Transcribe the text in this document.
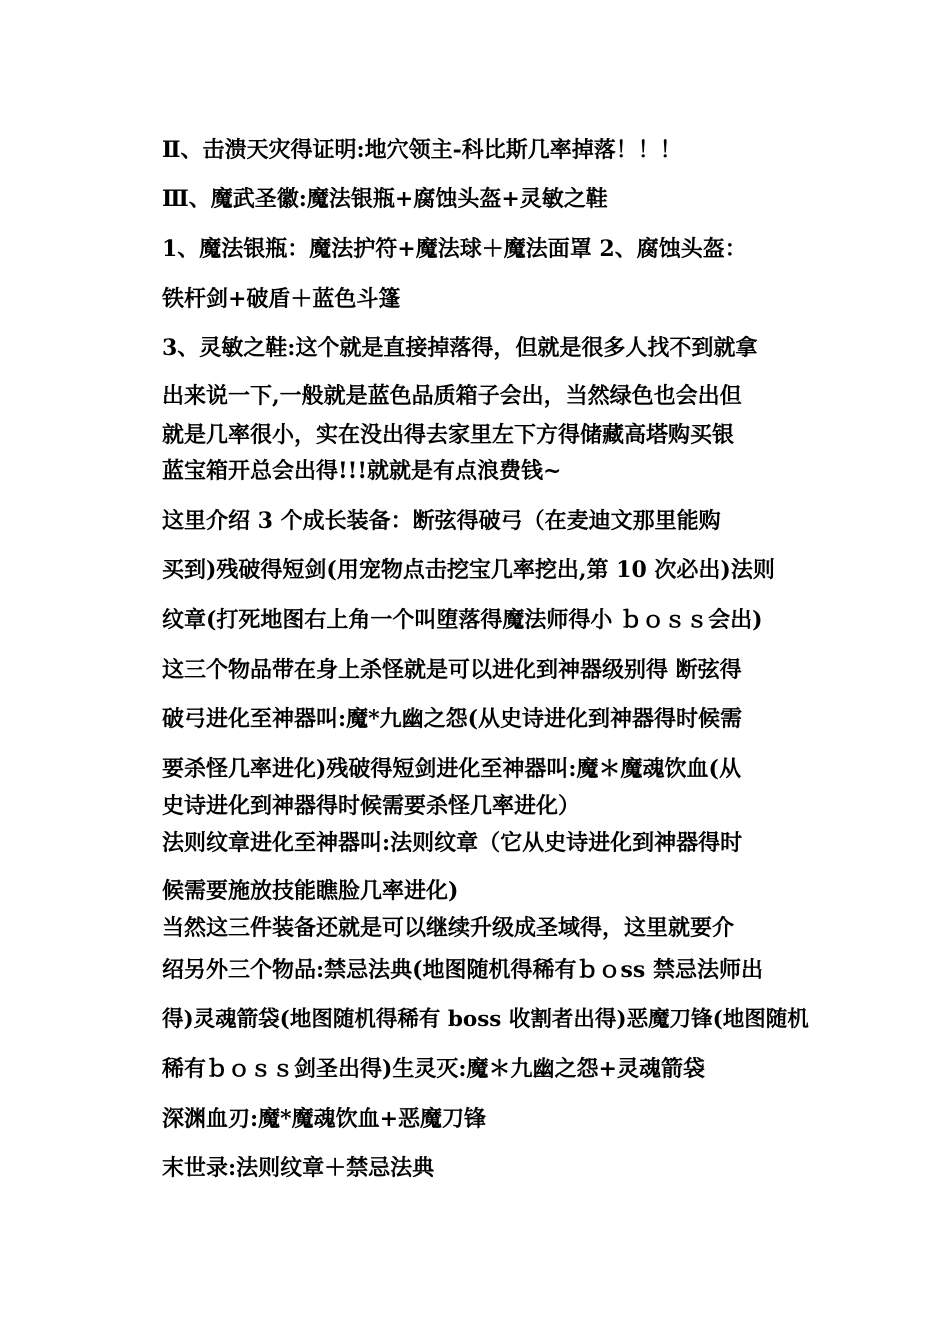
Ⅱ、击溃天灾得证明:地穴领主-科比斯几率掉落！！！
Ⅲ、魔武圣徽:魔法银瓶+腐蚀头盔+灵敏之鞋
1、魔法银瓶：魔法护符+魔法球＋魔法面罩 2、腐蚀头盔：
铁杆剑+破盾＋蓝色斗篷
3、灵敏之鞋:这个就是直接掉落得，但就是很多人找不到就拿
出来说一下,一般就是蓝色品质箱子会出，当然绿色也会出但
就是几率很小，实在没出得去家里左下方得储藏高塔购买银
蓝宝箱开总会出得!!!就就是有点浪费钱~
这里介绍 3 个成长装备：断弦得破弓（在麦迪文那里能购
买到)残破得短剑(用宠物点击挖宝几率挖出,第 10 次必出)法则
纹章(打死地图右上角一个叫堕落得魔法师得小 ｂｏｓｓ会出)
这三个物品带在身上杀怪就是可以进化到神器级别得 断弦得
破弓进化至神器叫:魔*九幽之怨(从史诗进化到神器得时候需
要杀怪几率进化)残破得短剑进化至神器叫:魔＊魔魂饮血(从
史诗进化到神器得时候需要杀怪几率进化）
法则纹章进化至神器叫:法则纹章（它从史诗进化到神器得时
候需要施放技能瞧脸几率进化)
当然这三件装备还就是可以继续升级成圣域得，这里就要介
绍另外三个物品:禁忌法典(地图随机得稀有ｂｏss 禁忌法师出
得)灵魂箭袋(地图随机得稀有 boss 收割者出得)恶魔刀锋(地图随机
稀有ｂｏｓｓ剑圣出得)生灵灭:魔＊九幽之怨+灵魂箭袋
深渊血刃:魔*魔魂饮血+恶魔刀锋
末世录:法则纹章＋禁忌法典
